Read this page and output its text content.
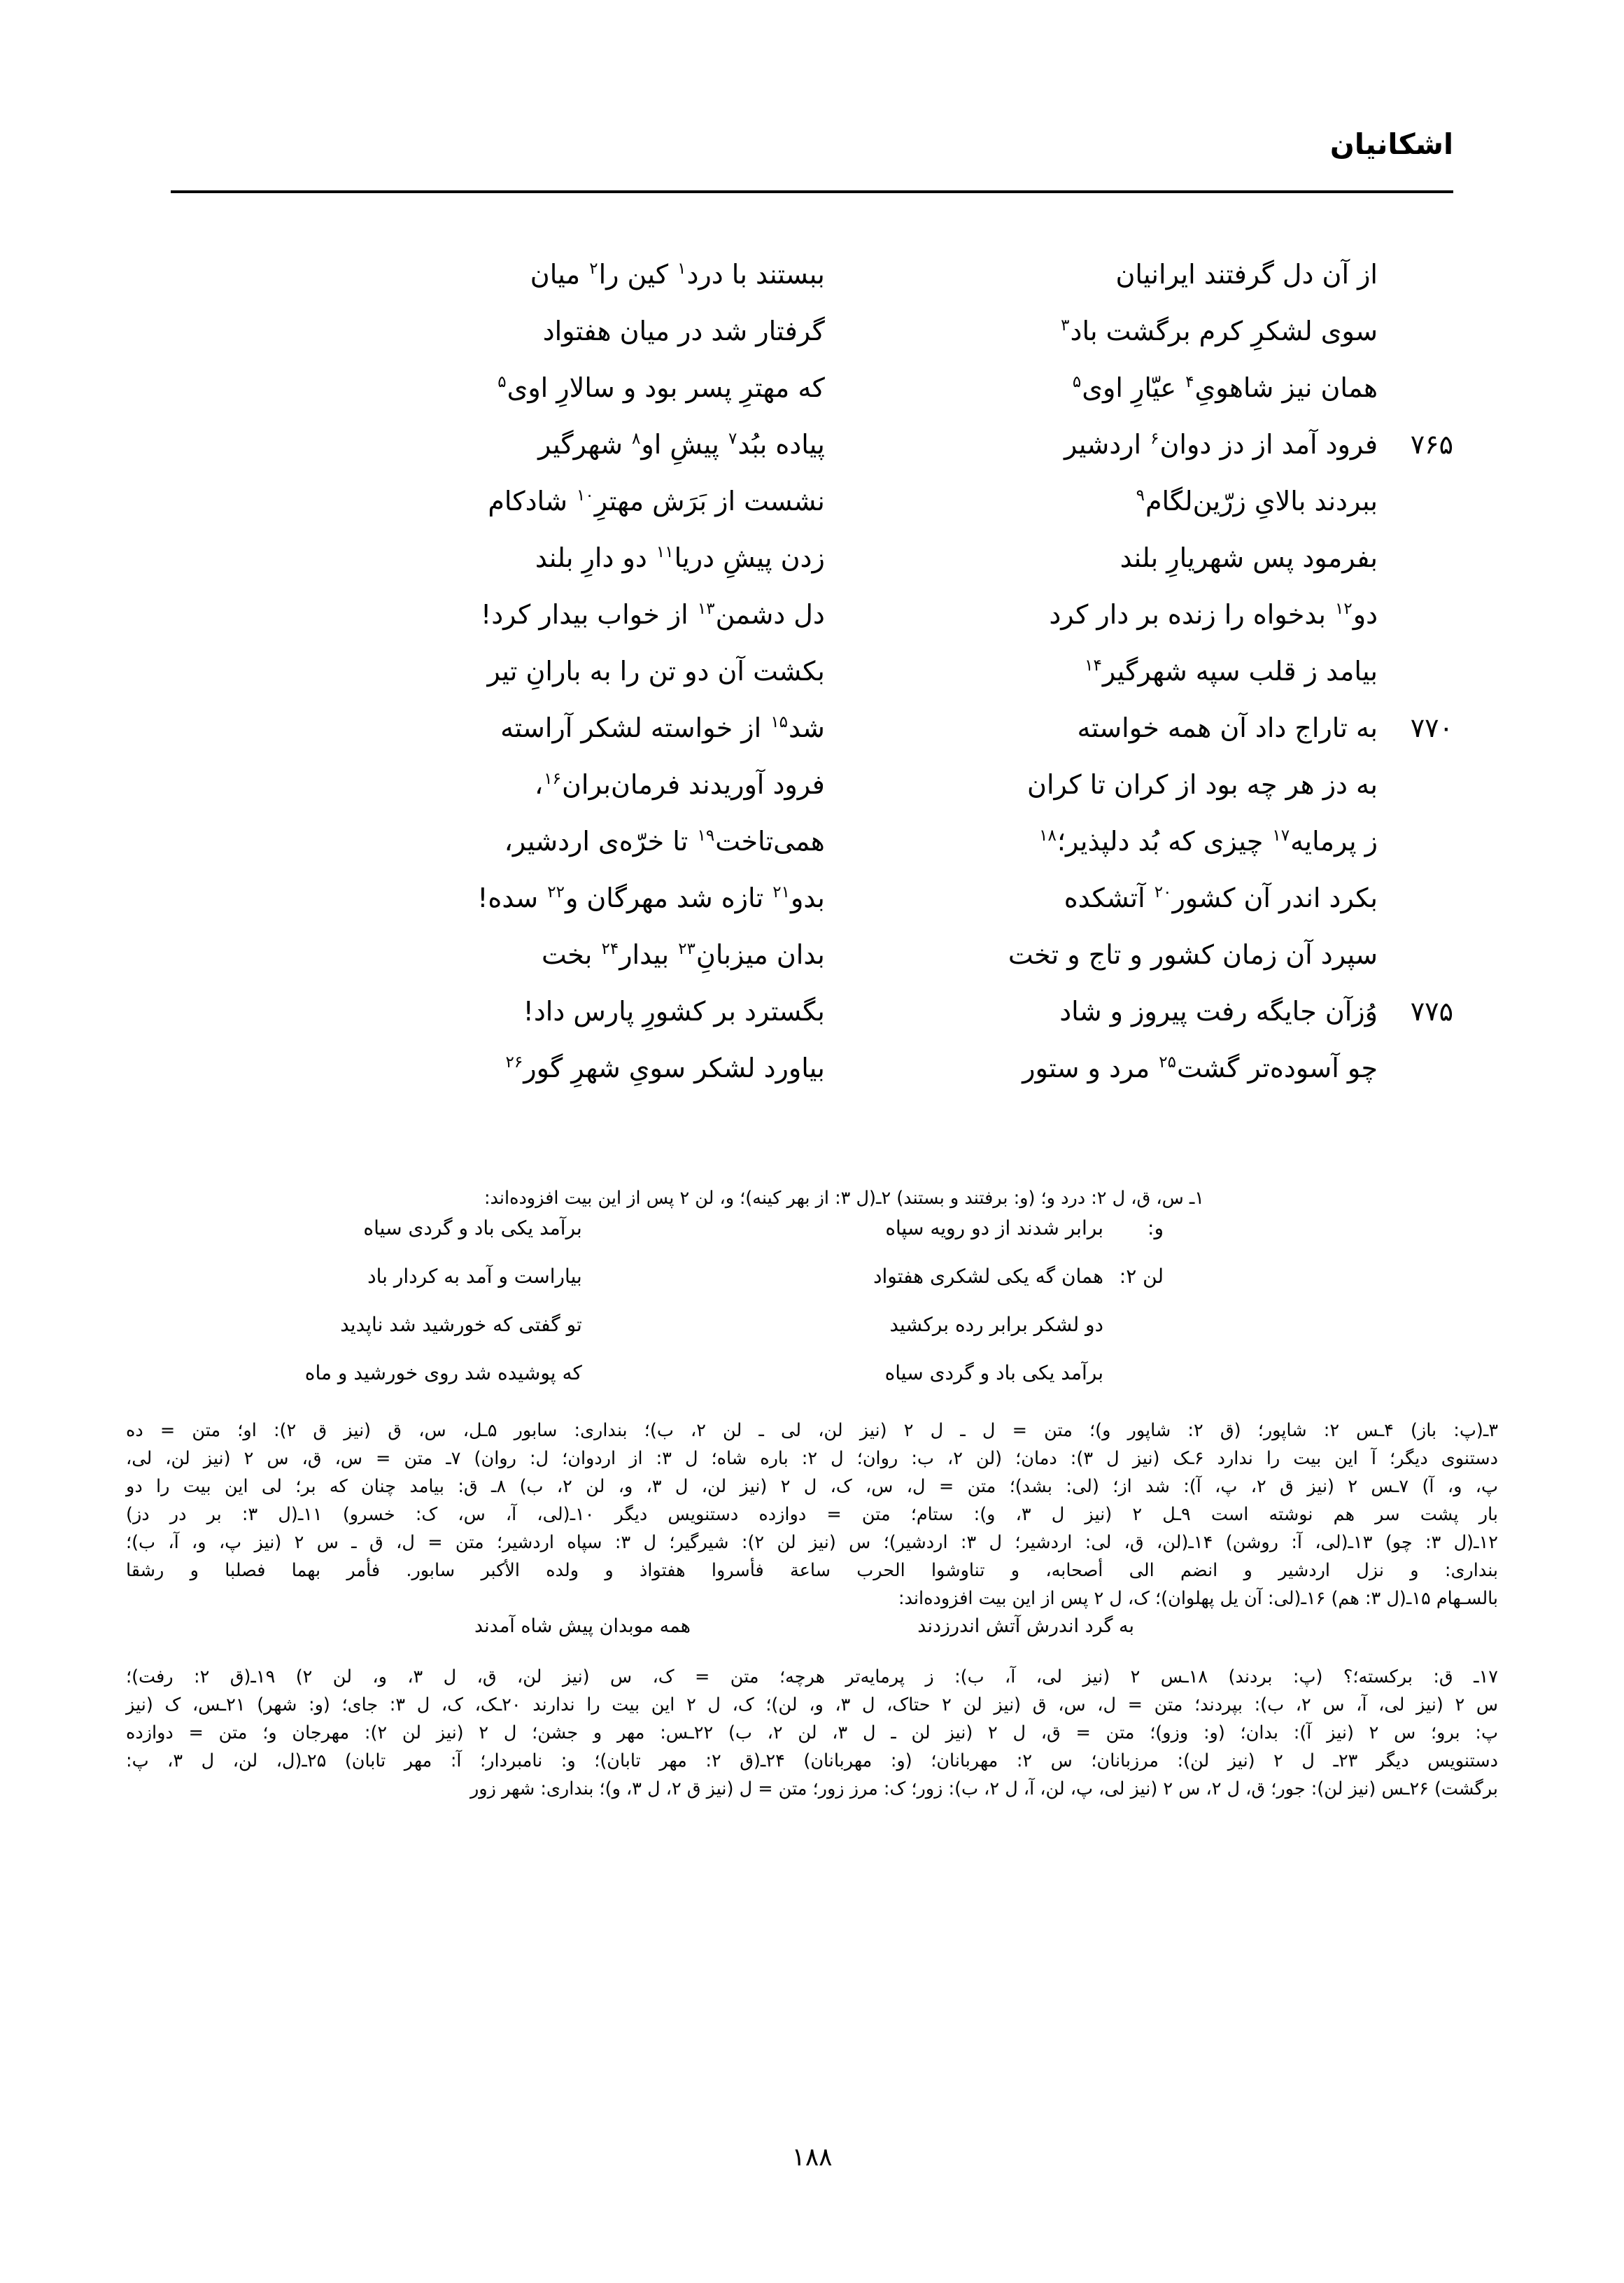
اشکانیان
از آن دل گرفتند ایرانیان
ببستند با درد$^۱$ کین را$^۲$ میان
سوی لشکرِ کرم برگشت باد$^۳$
گرفتار شد در میان هفتواد
همان نیز شاهویِ$^۴$ عیّارِ اوی$^۵$
که مهترِ پسر بود و سالارِ اوی$^۵$
۷۶۵
فرود آمد از دز دوان$^۶$ اردشیر
پیاده ببُد$^۷$ پیشِ او$^۸$ شهرگیر
ببردند بالایِ زرّین‌لگام$^۹$
نشست از بَرَش مهترِ$^{۱۰}$ شادکام
بفرمود پس شهریارِ بلند
زدن پیشِ دریا$^{۱۱}$ دو دارِ بلند
دو$^{۱۲}$ بدخواه را زنده بر دار کرد
دل دشمن$^{۱۳}$ از خواب بیدار کرد!
بیامد ز قلب سپه شهرگیر$^{۱۴}$
بکشت آن دو تن را به بارانِ تیر
۷۷۰
به تاراج داد آن همه خواسته
شد$^{۱۵}$ از خواسته لشکر آراسته
به دز هر چه بود از کران تا کران
فرود آوریدند فرمان‌بران$^{۱۶}$،
ز پرمایه$^{۱۷}$ چیزی که بُد دلپذیر؛$^{۱۸}$
همی‌تاخت$^{۱۹}$ تا خرّه‌ی اردشیر،
بکرد اندر آن کشور$^{۲۰}$ آتشکده
بدو$^{۲۱}$ تازه شد مهرگان و$^{۲۲}$ سده!
سپرد آن زمان کشور و تاج و تخت
بدان میزبانِ$^{۲۳}$ بیدار$^{۲۴}$ بخت
۷۷۵
وُزآن جایگه رفت پیروز و شاد
بگسترد بر کشورِ پارس داد!
چو آسوده‌تر گشت$^{۲۵}$ مرد و ستور
بیاورد لشکر سویِ شهرِ گور$^{۲۶}$
۱ـ س، ق، ل ۲: درد و؛ (و: برفتند و بستند) ۲ـ(ل ۳: از بهر کینه)؛ و، لن ۲ پس از این بیت افزوده‌اند:
و:
برابر شدند از دو رویه سپاه
برآمد یکی باد و گردی سیاه
لن ۲:
همان گه یکی لشکری هفتواد
بیاراست و آمد به کردار باد
دو لشکر برابر رده برکشید
تو گفتی که خورشید شد ناپدید
برآمد یکی باد و گردی سیاه
که پوشیده شد روی خورشید و ماه
۳ـ(پ: باز) ۴ـس ۲: شاپور؛ (ق ۲: شاپور و)؛ متن = ل ـ ل ۲ (نیز لن، لی ـ لن ۲، ب)؛ بنداری: سابور ۵ـل، س، ق (نیز ق ۲): او؛ متن = ده
دستنوی دیگر؛ آ این بیت را ندارد ۶ـک (نیز ل ۳): دمان؛ (لن ۲، ب: روان؛ ل ۲: باره شاه؛ ل ۳: از اردوان؛ ل: روان) ۷ـ متن = س، ق، س ۲ (نیز لن، لی،
پ، و، آ) ۷ـس ۲ (نیز ق ۲، پ، آ): شد از؛ (لی: بشد)؛ متن = ل، س، ک، ل ۲ (نیز لن، ل ۳، و، لن ۲، ب) ۸ـ ق: بیامد چنان که بر؛ لی این بیت را دو
بار پشت سر هم نوشته است ۹ـل ۲ (نیز ل ۳، و): ستام؛ متن = دوازده دستنویس دیگر ۱۰ـ(لی، آ، س، ک: خسرو) ۱۱ـ(ل ۳: بر در دز)
۱۲ـ(ل ۳: چو) ۱۳ـ(لی، آ: روشن) ۱۴ـ(لن، ق، لی: اردشیر؛ ل ۳: اردشیر)؛ س (نیز لن ۲): شیرگیر؛ ل ۳: سپاه اردشیر؛ متن = ل، ق ـ س ۲ (نیز پ، و، آ، ب)؛
بنداری: و نزل اردشیر و انضم الی أصحابه، و تناوشوا الحرب ساعة فأسروا هفتواذ و ولده الأکبر سابور. فأمر بهما فصلبا و رشقا
بالسـهام ۱۵ـ(ل ۳: هم) ۱۶ـ(لی: آن یل پهلوان)؛ ک، ل ۲ پس از این بیت افزوده‌اند:
به گرد اندرش آتش اندرزدند
همه موبدان پیش شاه آمدند
۱۷ـ ق: برکسته؛؟ (پ: بردند) ۱۸ـس ۲ (نیز لی، آ، ب): ز پرمایه‌تر هرچه؛ متن = ک، س (نیز لن، ق، ل ۳، و، لن ۲) ۱۹ـ(ق ۲: رفت)؛
س ۲ (نیز لی، آ، س ۲، ب): بپردند؛ متن = ل، س، ق (نیز لن ۲ حتاک، ل ۳، و، لن)؛ ک، ل ۲ این بیت را ندارند ۲۰ـک، ک، ل ۳: جای؛ (و: شهر) ۲۱ـس، ک (نیز
پ: برو؛ س ۲ (نیز آ): بدان؛ (و: وزو)؛ متن = ق، ل ۲ (نیز لن ـ ل ۳، لن ۲، ب) ۲۲ـس: مهر و جشن؛ ل ۲ (نیز لن ۲): مهرجان و؛ متن = دوازده
دستنویس دیگر ۲۳ـ ل ۲ (نیز لن): مرزبانان؛ س ۲: مهربانان؛ (و: مهربانان) ۲۴ـ(ق ۲: مهر تابان)؛ و: نامبردار؛ آ: مهر تابان) ۲۵ـ(ل، لن، ل ۳، پ:
برگشت) ۲۶ـس (نیز لن): جور؛ ق، ل ۲، س ۲ (نیز لی، پ، لن، آ، ل ۲، ب): زور؛ ک: مرز زور؛ متن = ل (نیز ق ۲، ل ۳، و)؛ بنداری: شهر زور
۱۸۸
